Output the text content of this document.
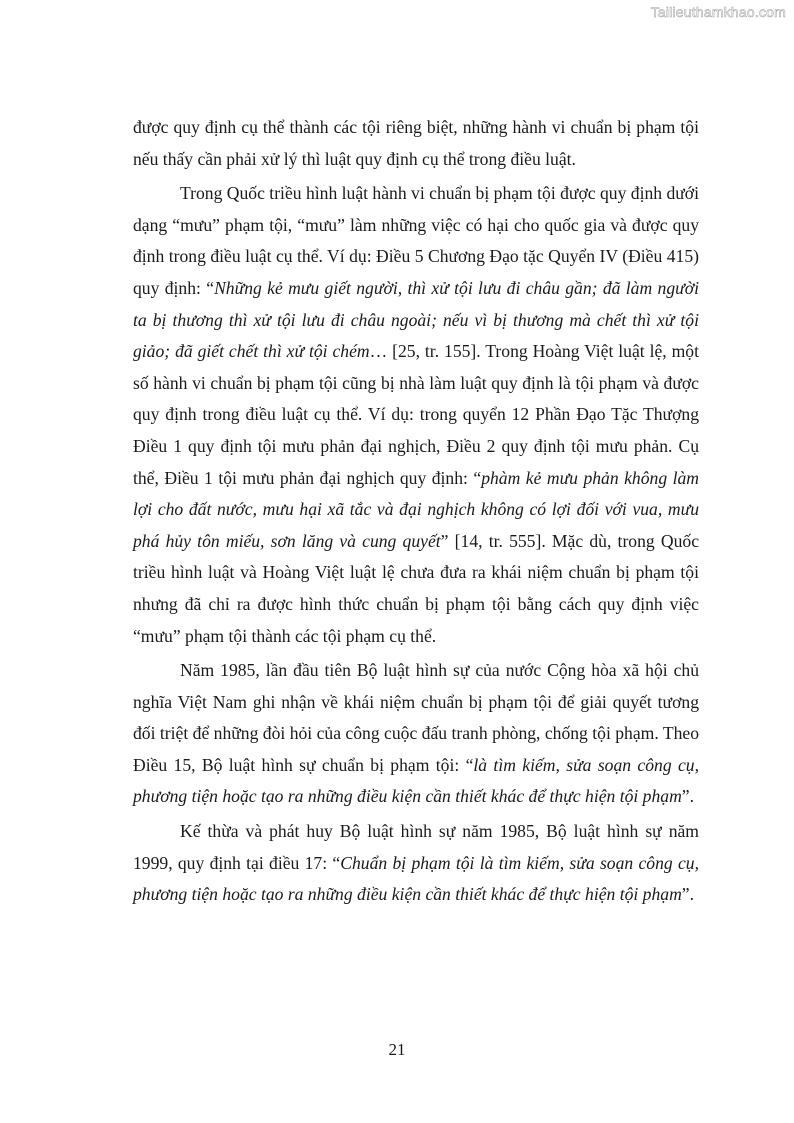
Tailieuthamkhao.com

được quy định cụ thể thành các tội riêng biệt, những hành vi chuẩn bị phạm tội nếu thấy cần phải xử lý thì luật quy định cụ thể trong điều luật.

Trong Quốc triều hình luật hành vi chuẩn bị phạm tội được quy định dưới dạng “mưu” phạm tội, “mưu” làm những việc có hại cho quốc gia và được quy định trong điều luật cụ thể. Ví dụ: Điều 5 Chương Đạo tặc Quyển IV (Điều 415) quy định: “Những kẻ mưu giết người, thì xử tội lưu đi châu gần; đã làm người ta bị thương thì xử tội lưu đi châu ngoài; nếu vì bị thương mà chết thì xử tội giảo; đã giết chết thì xử tội chém… [25, tr. 155]. Trong Hoàng Việt luật lệ, một số hành vi chuẩn bị phạm tội cũng bị nhà làm luật quy định là tội phạm và được quy định trong điều luật cụ thể. Ví dụ: trong quyển 12 Phần Đạo Tặc Thượng Điều 1 quy định tội mưu phản đại nghịch, Điều 2 quy định tội mưu phản. Cụ thể, Điều 1 tội mưu phản đại nghịch quy định: “phàm kẻ mưu phản không làm lợi cho đất nước, mưu hại xã tắc và đại nghịch không có lợi đối với vua, mưu phá hủy tôn miếu, sơn lăng và cung quyết” [14, tr. 555]. Mặc dù, trong Quốc triều hình luật và Hoàng Việt luật lệ chưa đưa ra khái niệm chuẩn bị phạm tội nhưng đã chỉ ra được hình thức chuẩn bị phạm tội bằng cách quy định việc “mưu” phạm tội thành các tội phạm cụ thể.

Năm 1985, lần đầu tiên Bộ luật hình sự của nước Cộng hòa xã hội chủ nghĩa Việt Nam ghi nhận về khái niệm chuẩn bị phạm tội để giải quyết tương đối triệt để những đòi hỏi của công cuộc đấu tranh phòng, chống tội phạm. Theo Điều 15, Bộ luật hình sự chuẩn bị phạm tội: “là tìm kiếm, sửa soạn công cụ, phương tiện hoặc tạo ra những điều kiện cần thiết khác để thực hiện tội phạm”.

Kế thừa và phát huy Bộ luật hình sự năm 1985, Bộ luật hình sự năm 1999, quy định tại điều 17: “Chuẩn bị phạm tội là tìm kiếm, sửa soạn công cụ, phương tiện hoặc tạo ra những điều kiện cần thiết khác để thực hiện tội phạm”.

21
